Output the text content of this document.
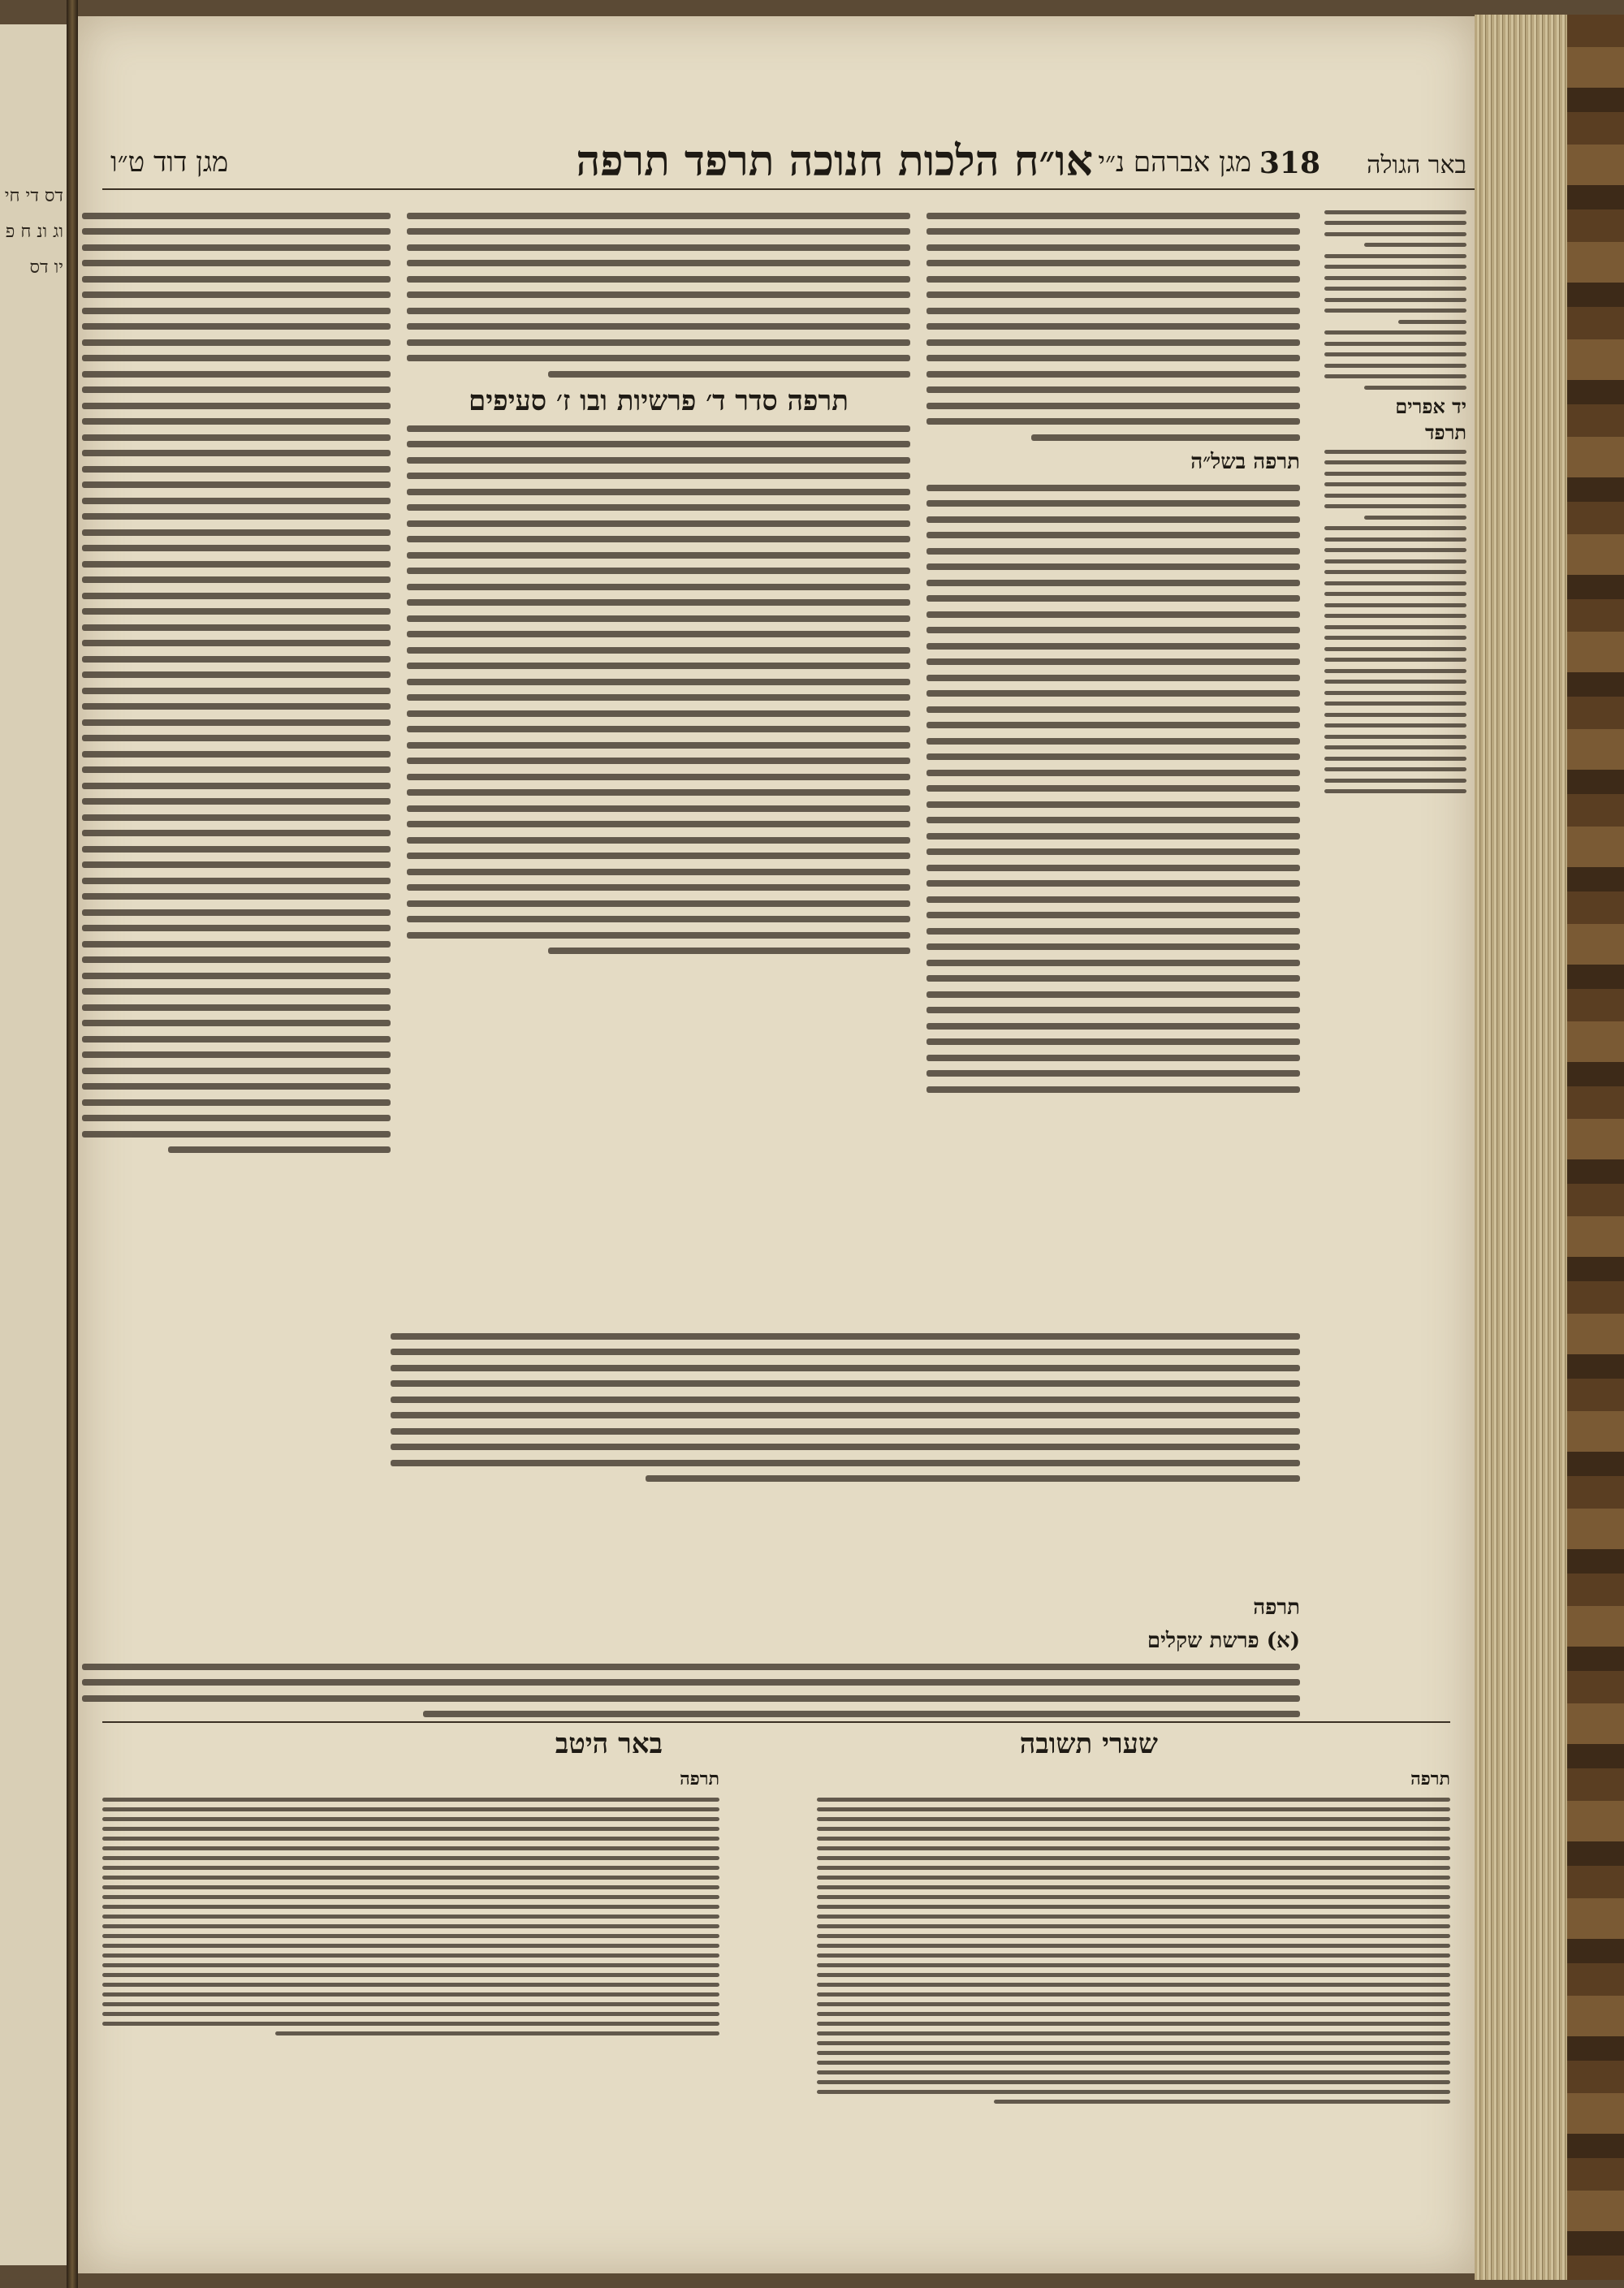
דס די חי וג ונ ח פ יו דס
באר הגולה
318
מגן אברהם נ״י
או״ח הלכות חנוכה תרפד תרפה
מגן דוד ט״ו
יד אפרים
תרפד
תרפה בשל״ה
תרפה סדר ד׳ פרשיות ובו ז׳ סעיפים
תרפה
(א) פרשת שקלים
באר היטב	שערי תשובה
תרפה
תרפה
